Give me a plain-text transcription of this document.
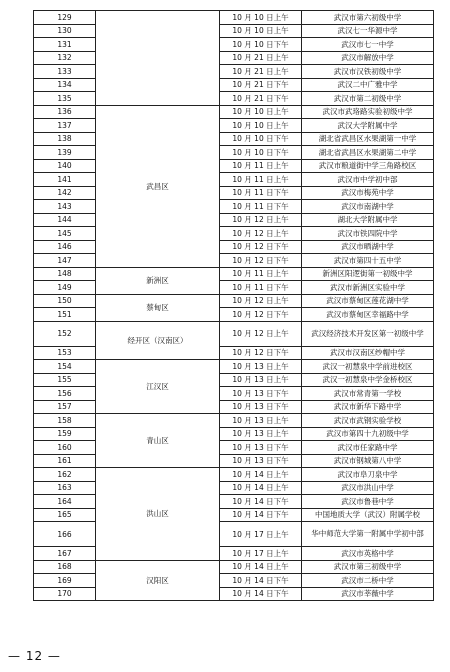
129		10 月 10 日上午	武汉市第六初级中学
130		10 月 10 日上午	武汉七一华源中学
131		10 月 10 日下午	武汉市七一中学
132		10 月 21 日上午	武汉市解放中学
133		10 月 21 日上午	武汉市汉铁初级中学
134		10 月 21 日下午	武汉二中广雅中学
135		10 月 21 日下午	武汉市第二初级中学
136	武昌区	10 月 10 日上午	武汉市武珞路实验初级中学
137		10 月 10 日上午	武汉大学附属中学
138		10 月 10 日下午	湖北省武昌区水果湖第一中学
139		10 月 10 日下午	湖北省武昌区水果湖第二中学
140		10 月 11 日上午	武汉市粮道街中学三角路校区
141		10 月 11 日上午	武汉市中学初中部
142		10 月 11 日下午	武汉市梅苑中学
143		10 月 11 日下午	武汉市南湖中学
144		10 月 12 日上午	湖北大学附属中学
145		10 月 12 日上午	武汉市铁四院中学
146		10 月 12 日下午	武汉市晒湖中学
147		10 月 12 日下午	武汉市第四十五中学
148	新洲区	10 月 11 日上午	新洲区阳逻街第一初级中学
149		10 月 11 日下午	武汉市新洲区实验中学
150	蔡甸区	10 月 12 日上午	武汉市蔡甸区莲花湖中学
151		10 月 12 日下午	武汉市蔡甸区幸福路中学
152	经开区（汉南区）	10 月 12 日上午	武汉经济技术开发区第一初级中学
153		10 月 12 日下午	武汉市汉南区纱帽中学
154	江汉区	10 月 13 日上午	武汉一初慧泉中学前进校区
155		10 月 13 日上午	武汉一初慧泉中学金桥校区
156		10 月 13 日下午	武汉市常青第一学校
157		10 月 13 日下午	武汉市新华下路中学
158	青山区	10 月 13 日上午	武汉市武钢实验学校
159		10 月 13 日上午	武汉市第四十九初级中学
160		10 月 13 日下午	武汉市任家路中学
161		10 月 13 日下午	武汉市钢城第八中学
162	洪山区	10 月 14 日上午	武汉市阜刀泉中学
163		10 月 14 日上午	武汉市洪山中学
164		10 月 14 日下午	武汉市鲁巷中学
165		10 月 14 日下午	中国地质大学（武汉）附属学校
166		10 月 17 日上午	华中师范大学第一附属中学初中部
167		10 月 17 日上午	武汉市英格中学
168	汉阳区	10 月 14 日上午	武汉市第三初级中学
169		10 月 14 日下午	武汉市二桥中学
170		10 月 14 日下午	武汉市莘薇中学
— 12 —
